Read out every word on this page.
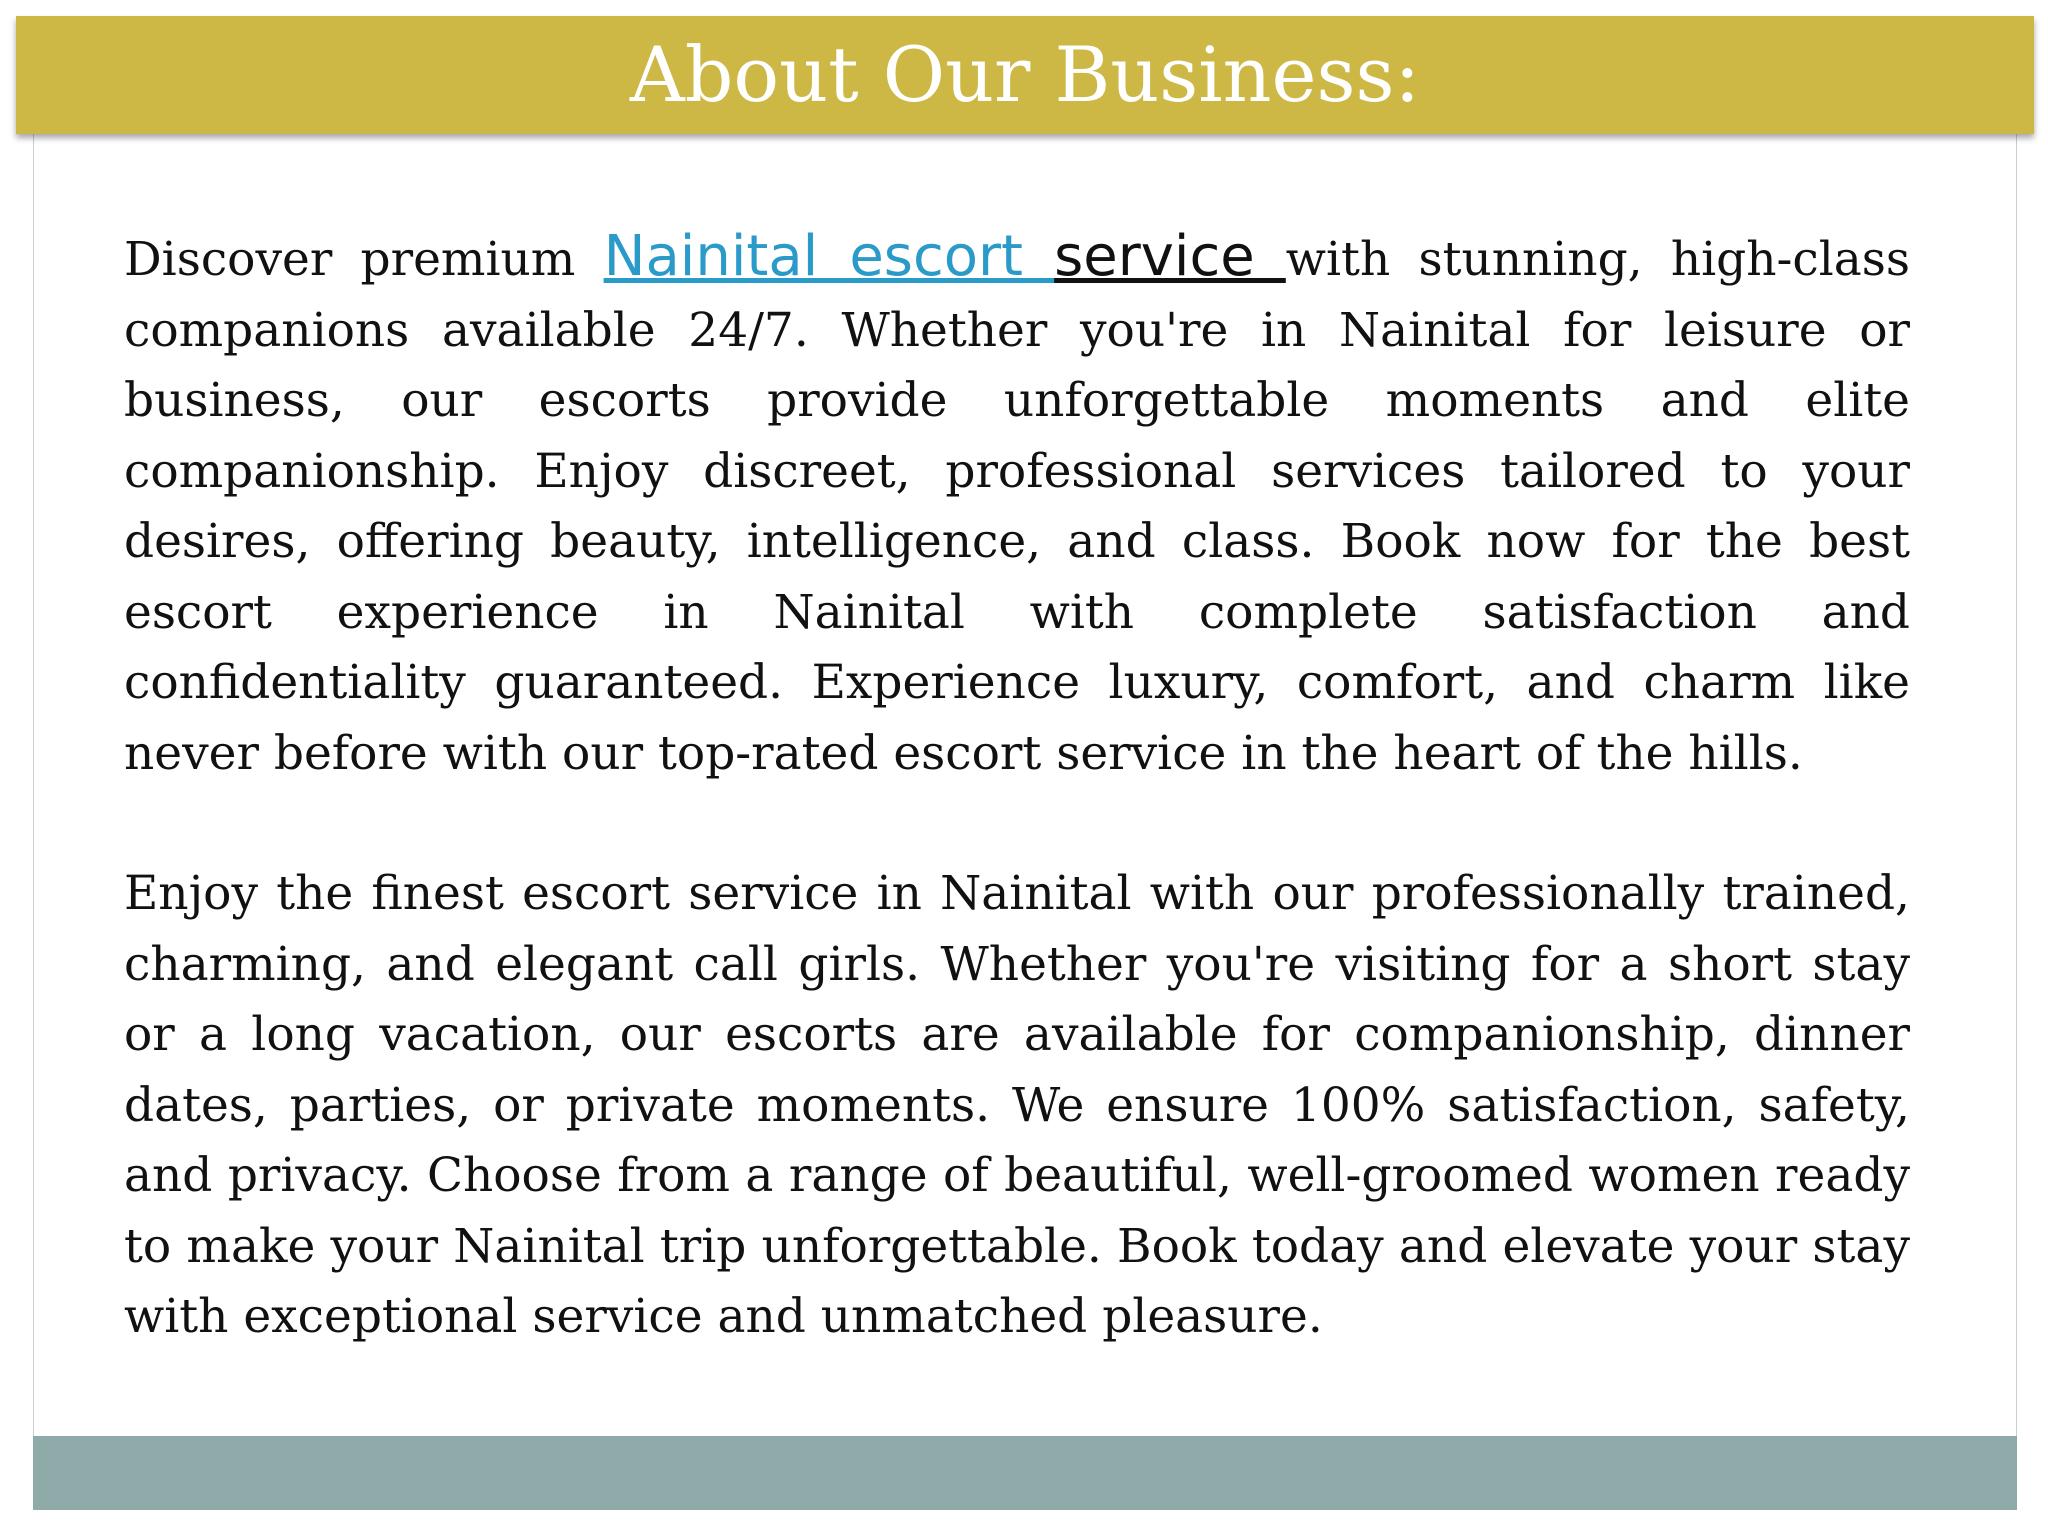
About Our Business:

Discover premium Nainital escort service with stunning, high-class companions available 24/7. Whether you're in Nainital for leisure or business, our escorts provide unforgettable moments and elite companionship. Enjoy discreet, professional services tailored to your desires, offering beauty, intelligence, and class. Book now for the best escort experience in Nainital with complete satisfaction and confidentiality guaranteed. Experience luxury, comfort, and charm like never before with our top-rated escort service in the heart of the hills.

Enjoy the finest escort service in Nainital with our professionally trained, charming, and elegant call girls. Whether you're visiting for a short stay or a long vacation, our escorts are available for companionship, dinner dates, parties, or private moments. We ensure 100% satisfaction, safety, and privacy. Choose from a range of beautiful, well-groomed women ready to make your Nainital trip unforgettable. Book today and elevate your stay with exceptional service and unmatched pleasure.
